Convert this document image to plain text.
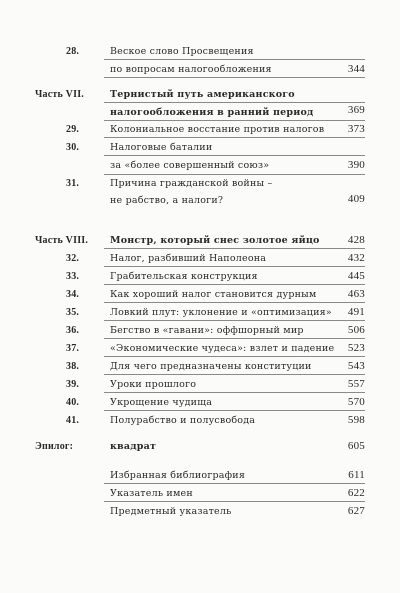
28.	Веское слово Просвещения
по вопросам налогообложения	344
Часть VII.	Тернистый путь американского
налогообложения в ранний период	369
29.	Колониальное восстание против налогов	373
30.	Налоговые баталии
за «более совершенный союз»	390
31.	Причина гражданской войны –
не рабство, а налоги?	409
Часть VIII. Монстр, который снес золотое яйцо	428
32.	Налог, разбивший Наполеона	432
33.	Грабительская конструкция	445
34.	Как хороший налог становится дурным	463
35.	Ловкий плут: уклонение и «оптимизация» 491
36.	Бегство в «гавани»: оффшорный мир	506
37.	«Экономические чудеса»: взлет и падение 523
38.	Для чего предназначены конституции	543
39.	Уроки прошлого	557
40.	Укрощение чудища	570
41.	Полурабство и полусвобода	598
Эпилог:	квадрат	605
Избранная библиография	611
Указатель имен	622
Предметный указатель	627
